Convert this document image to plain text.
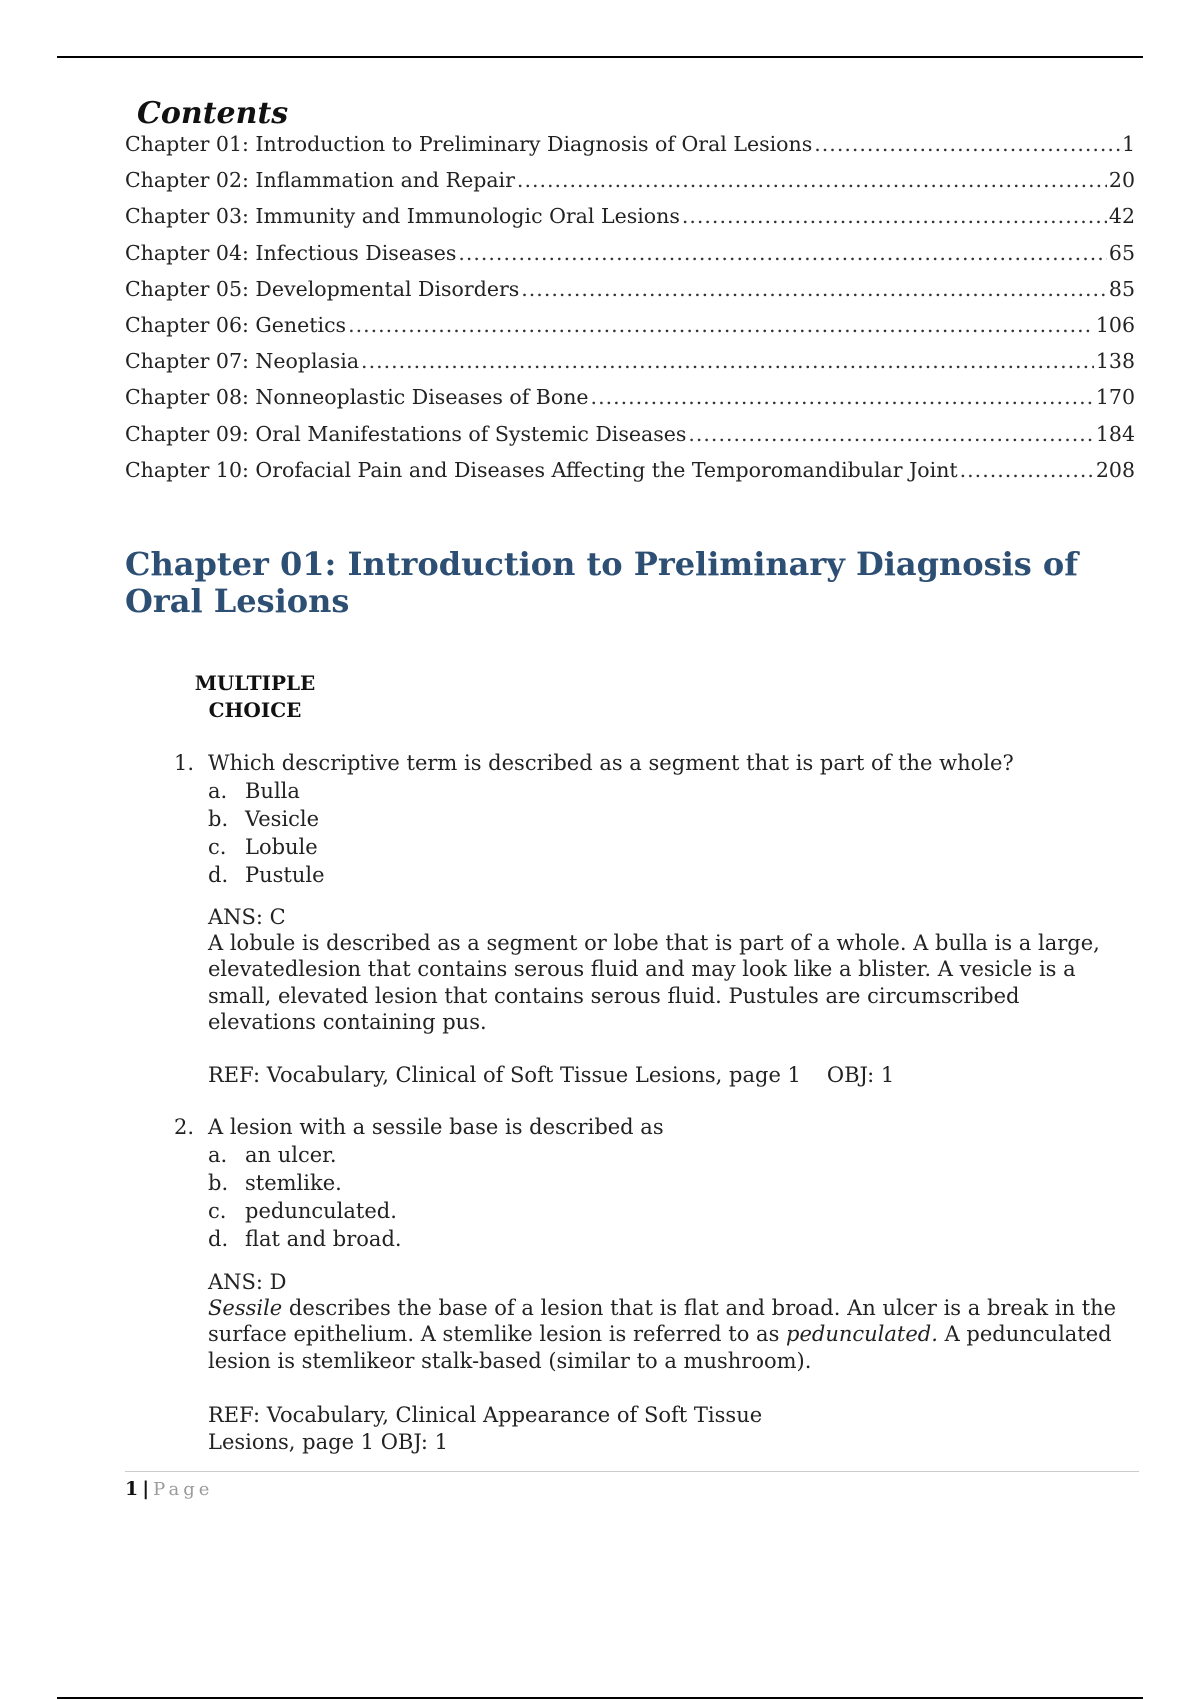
Contents
Chapter 01: Introduction to Preliminary Diagnosis of Oral Lesions .....	1
Chapter 02: Inflammation and Repair .....	20
Chapter 03: Immunity and Immunologic Oral Lesions .....	42
Chapter 04: Infectious Diseases .....	65
Chapter 05: Developmental Disorders .....	85
Chapter 06: Genetics .....	106
Chapter 07: Neoplasia .....	138
Chapter 08: Nonneoplastic Diseases of Bone .....	170
Chapter 09: Oral Manifestations of Systemic Diseases .....	184
Chapter 10: Orofacial Pain and Diseases Affecting the Temporomandibular Joint .....	208
Chapter 01: Introduction to Preliminary Diagnosis of Oral Lesions
MULTIPLE
CHOICE
1. Which descriptive term is described as a segment that is part of the whole?
a. Bulla
b. Vesicle
c. Lobule
d. Pustule
ANS: C
A lobule is described as a segment or lobe that is part of a whole. A bulla is a large, elevatedlesion that contains serous fluid and may look like a blister. A vesicle is a small, elevated lesion that contains serous fluid. Pustules are circumscribed elevations containing pus.
REF: Vocabulary, Clinical of Soft Tissue Lesions, page 1 OBJ: 1
2. A lesion with a sessile base is described as
a. an ulcer.
b. stemlike.
c. pedunculated.
d. flat and broad.
ANS: D
Sessile describes the base of a lesion that is flat and broad. An ulcer is a break in the surface epithelium. A stemlike lesion is referred to as pedunculated. A pedunculated lesion is stemlikeor stalk-based (similar to a mushroom).
REF: Vocabulary, Clinical Appearance of Soft Tissue
Lesions, page 1 OBJ: 1
1 | Page
